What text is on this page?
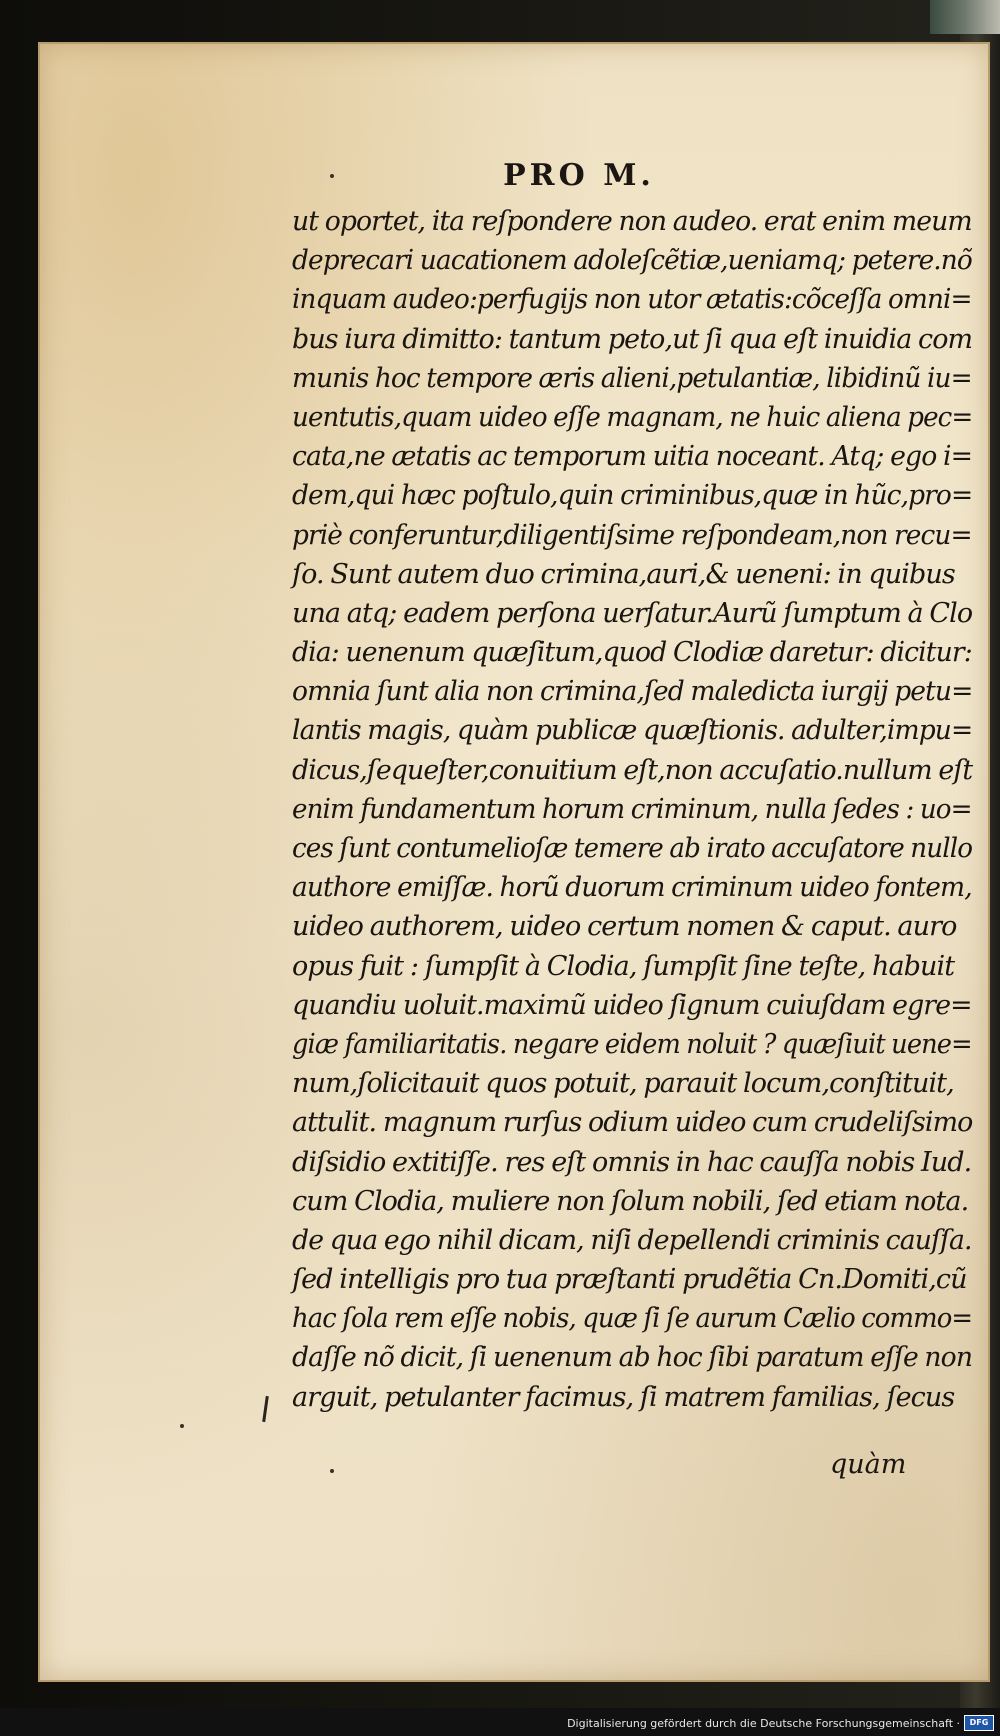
PRO M.
ut oportet, ita reſpondere non audeo. erat enim meum
deprecari uacationem adoleſcẽtiæ,ueniamq; petere.nõ
inquam audeo:perfugijs non utor ætatis:cõceſſa omni=
bus iura dimitto: tantum peto,ut ſi qua eſt inuidia com
munis hoc tempore æris alieni,petulantiæ, libidinũ iu=
uentutis,quam uideo eſſe magnam, ne huic aliena pec=
cata,ne ætatis ac temporum uitia noceant. Atq; ego i=
dem,qui hæc poſtulo,quin criminibus,quæ in hũc,pro=
priè conferuntur,diligentiſsime reſpondeam,non recu=
ſo. Sunt autem duo crimina,auri,& ueneni: in quibus
una atq; eadem perſona uerſatur.Aurũ ſumptum à Clo
dia: uenenum quæſitum,quod Clodiæ daretur: dicitur:
omnia ſunt alia non crimina,ſed maledicta iurgij petu=
lantis magis, quàm publicæ quæſtionis. adulter,impu=
dicus,ſequeſter,conuitium eſt,non accuſatio.nullum eſt
enim fundamentum horum criminum, nulla ſedes : uo=
ces ſunt contumelioſæ temere ab irato accuſatore nullo
authore emiſſæ. horũ duorum criminum uideo fontem,
uideo authorem, uideo certum nomen & caput. auro
opus fuit : ſumpſit à Clodia, ſumpſit ſine teſte, habuit
quandiu uoluit.maximũ uideo ſignum cuiuſdam egre=
giæ familiaritatis. negare eidem noluit ? quæſiuit uene=
num,ſolicitauit quos potuit, parauit locum,conſtituit,
attulit. magnum rurſus odium uideo cum crudeliſsimo
diſsidio extitiſſe. res eſt omnis in hac cauſſa nobis Iud.
cum Clodia, muliere non ſolum nobili, ſed etiam nota.
de qua ego nihil dicam, niſi depellendi criminis cauſſa.
ſed intelligis pro tua præſtanti prudẽtia Cn.Domiti,cũ
hac ſola rem eſſe nobis, quæ ſi ſe aurum Cælio commo=
daſſe nõ dicit, ſi uenenum ab hoc ſibi paratum eſſe non
arguit, petulanter facimus, ſi matrem familias, ſecus
quàm
Digitalisierung gefördert durch die Deutsche Forschungsgemeinschaft ·	DFG
